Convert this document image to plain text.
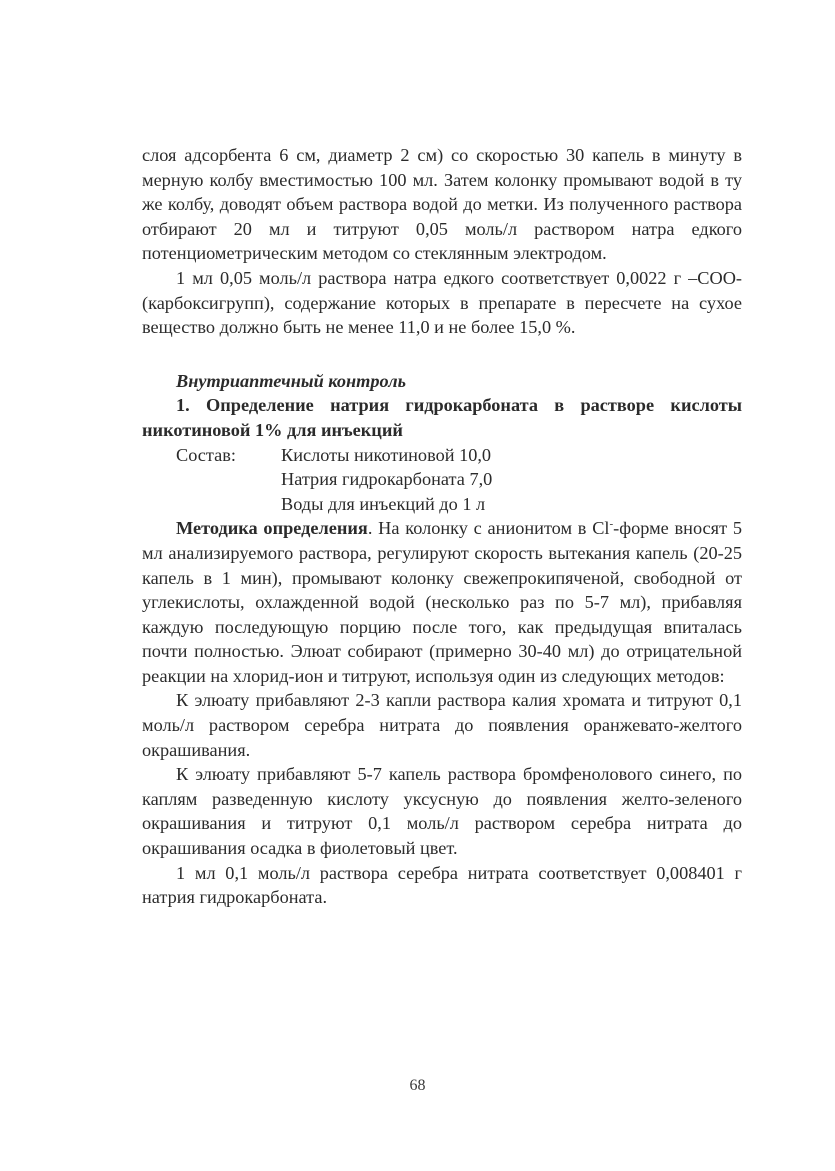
слоя адсорбента 6 см, диаметр 2 см) со скоростью 30 капель в минуту в мерную колбу вместимостью 100 мл. Затем колонку промывают водой в ту же колбу, доводят объем раствора водой до метки. Из полученного раствора отбирают 20 мл и титруют 0,05 моль/л раствором натра едкого потенциометрическим методом со стеклянным электродом.

1 мл 0,05 моль/л раствора натра едкого соответствует 0,0022 г –СОО- (карбоксигрупп), содержание которых в препарате в пересчете на сухое вещество должно быть не менее 11,0 и не более 15,0 %.

Внутриаптечный контроль

1. Определение натрия гидрокарбоната в растворе кислоты никотиновой 1% для инъекций

Состав:	Кислоты никотиновой 10,0
Натрия гидрокарбоната 7,0
Воды для инъекций до 1 л

Методика определения. На колонку с анионитом в Cl--форме вносят 5 мл анализируемого раствора, регулируют скорость вытекания капель (20-25 капель в 1 мин), промывают колонку свежепрокипяченой, свободной от углекислоты, охлажденной водой (несколько раз по 5-7 мл), прибавляя каждую последующую порцию после того, как предыдущая впиталась почти полностью. Элюат собирают (примерно 30-40 мл) до отрицательной реакции на хлорид-ион и титруют, используя один из следующих методов:

К элюату прибавляют 2-3 капли раствора калия хромата и титруют 0,1 моль/л раствором серебра нитрата до появления оранжевато-желтого окрашивания.

К элюату прибавляют 5-7 капель раствора бромфенолового синего, по каплям разведенную кислоту уксусную до появления желто-зеленого окрашивания и титруют 0,1 моль/л раствором серебра нитрата до окрашивания осадка в фиолетовый цвет.

1 мл 0,1 моль/л раствора серебра нитрата соответствует 0,008401 г натрия гидрокарбоната.

68
